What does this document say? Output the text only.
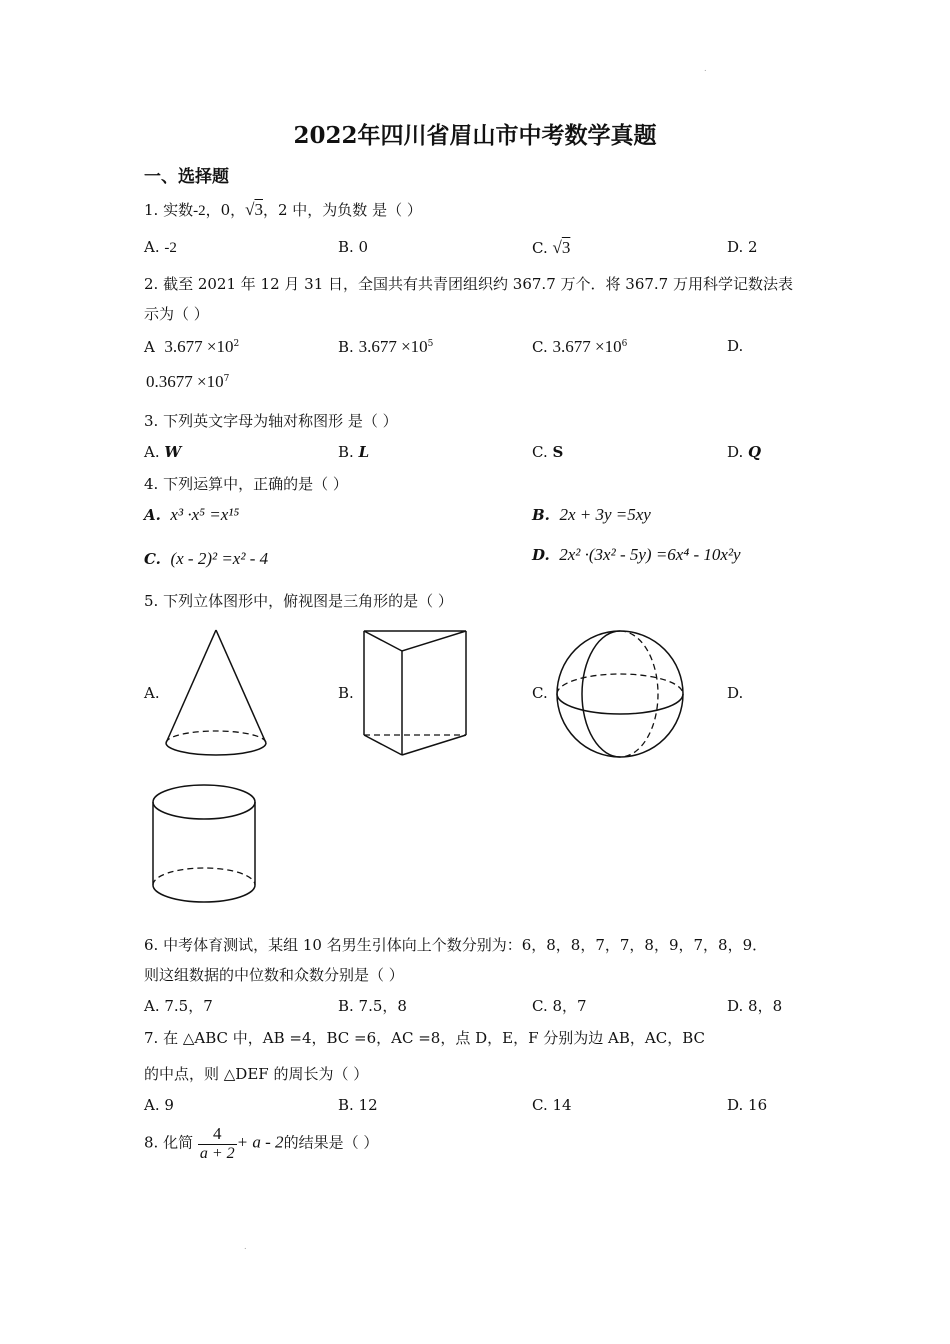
.
2022年四川省眉山市中考数学真题
一、选择题
1. 实数-2，0，√3，2 中，为负数 是（ ）
A. -2	B. 0	C. √3	D. 2
2. 截至 2021 年 12 月 31 日，全国共有共青团组织约 367.7 万个．将 367.7 万用科学记数法表
示为（ ）
A $3.677 \times 10^2$	B. $3.677 \times 10^5$	C. $3.677 \times 10^6$	D.
$0.3677 \times 10^7$
3. 下列英文字母为轴对称图形 是（ ）
A. W	B. L	C. S	D. Q
4. 下列运算中，正确的是（ ）
A. x³ ·x⁵ =x¹⁵	B. 2x + 3y =5xy
C. (x - 2)² =x² - 4	D. 2x² ·(3x² - 5y) =6x⁴ - 10x²y
5. 下列立体图形中，俯视图是三角形的是（ ）
A.	B.	C.	D.
6. 中考体育测试，某组 10 名男生引体向上个数分别为：6，8，8，7，7，8，9，7，8，9．
则这组数据的中位数和众数分别是（ ）
A. 7.5，7	B. 7.5，8	C. 8，7	D. 8，8
7. 在 △ABC 中，AB =4，BC =6，AC =8，点 D，E，F 分别为边 AB，AC，BC
的中点，则 △DEF 的周长为（ ）
A. 9	B. 12	C. 14	D. 16
8. 化简 $\frac{4}{a + 2} + a - 2$的结果是（ ）
.
